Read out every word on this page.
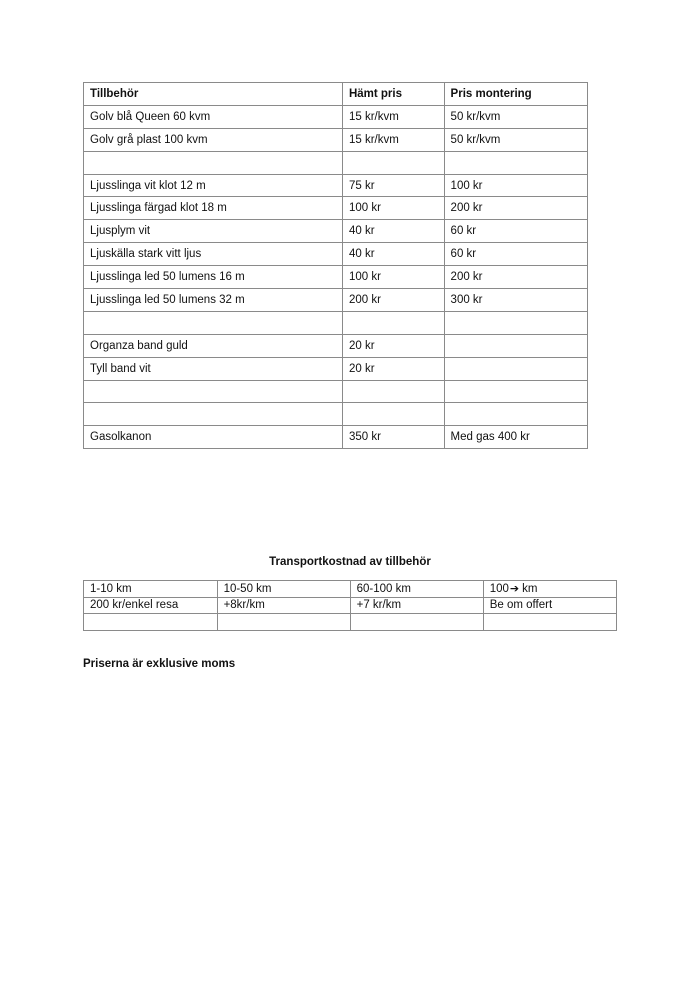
Tillbehör	Hämt pris	Pris montering
Golv blå Queen 60 kvm	15 kr/kvm	50 kr/kvm
Golv grå plast 100 kvm	15 kr/kvm	50 kr/kvm

Ljusslinga vit klot 12 m	75 kr	100 kr
Ljusslinga färgad klot 18 m	100 kr	200 kr
Ljusplym vit	40 kr	60 kr
Ljuskälla stark vitt ljus	40 kr	60 kr
Ljusslinga led 50 lumens 16 m	100 kr	200 kr
Ljusslinga led 50 lumens 32 m	200 kr	300 kr

Organza band guld	20 kr	
Tyll band vit	20 kr	

Gasolkanon	350 kr	Med gas 400 kr
Transportkostnad av tillbehör
1-10 km	10-50 km	60-100 km	100➔ km
200 kr/enkel resa	+8kr/km	+7 kr/km	Be om offert

Priserna är exklusive moms
